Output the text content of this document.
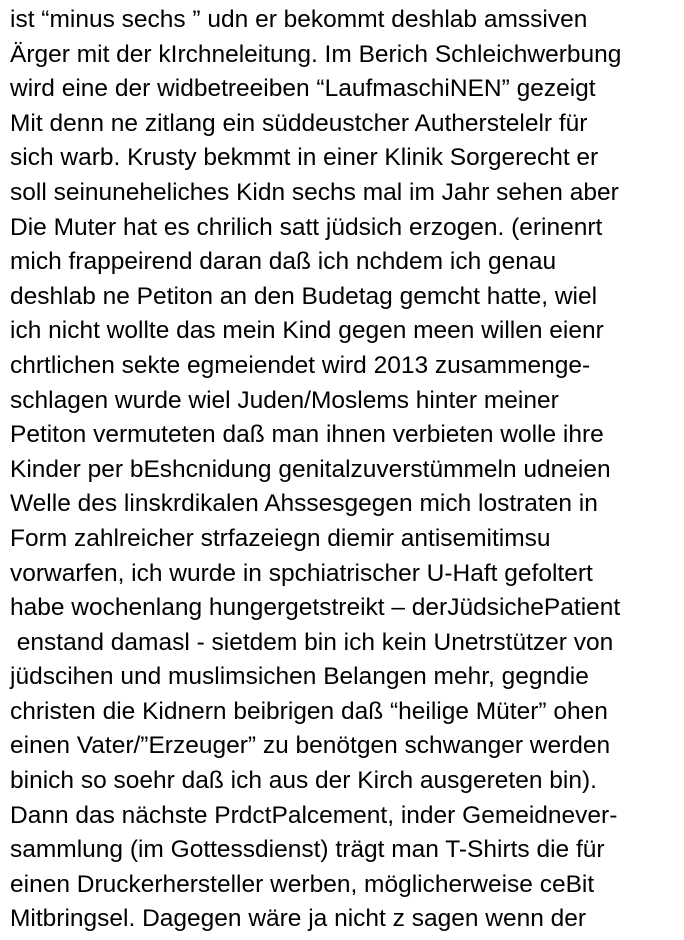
ist “minus sechs ” udn er bekommt deshlab amssiven
Ärger mit der kIrchneleitung. Im Berich Schleichwerbung
wird eine der widbetreeiben “LaufmaschiNEN” gezeigt
Mit denn ne zitlang ein süddeustcher Autherstelelr für
sich warb. Krusty bekmmt in einer Klinik Sorgerecht er
soll seinuneheliches Kidn sechs mal im Jahr sehen aber
Die Muter hat es chrilich satt jüdsich erzogen. (erinenrt
mich frappeirend daran daß ich nchdem ich genau
deshlab ne Petiton an den Budetag gemcht hatte, wiel
ich nicht wollte das mein Kind gegen meen willen eienr
chrtlichen sekte egmeiendet wird 2013 zusammenge-
schlagen wurde wiel Juden/Moslems hinter meiner
Petiton vermuteten daß man ihnen verbieten wolle ihre
Kinder per bEshcnidung genitalzuverstümmeln udneien
Welle des linskrdikalen Ahssesgegen mich lostraten in
Form zahlreicher strfazeiegn diemir antisemitimsu
vorwarfen, ich wurde in spchiatrischer U-Haft gefoltert
habe wochenlang hungergetstreikt – derJüdsichePatient
enstand damasl - sietdem bin ich kein Unetrstützer von
jüdscihen und muslimsichen Belangen mehr, gegndie
christen die Kidnern beibrigen daß “heilige Müter” ohen
einen Vater/”Erzeuger” zu benötgen schwanger werden
binich so soehr daß ich aus der Kirch ausgereten bin).
Dann das nächste PrdctPalcement, inder Gemeidnever-
sammlung (im Gottessdienst) trägt man T-Shirts die für
einen Druckerhersteller werben, möglicherweise ceBit
Mitbringsel. Dagegen wäre ja nicht z sagen wenn der
